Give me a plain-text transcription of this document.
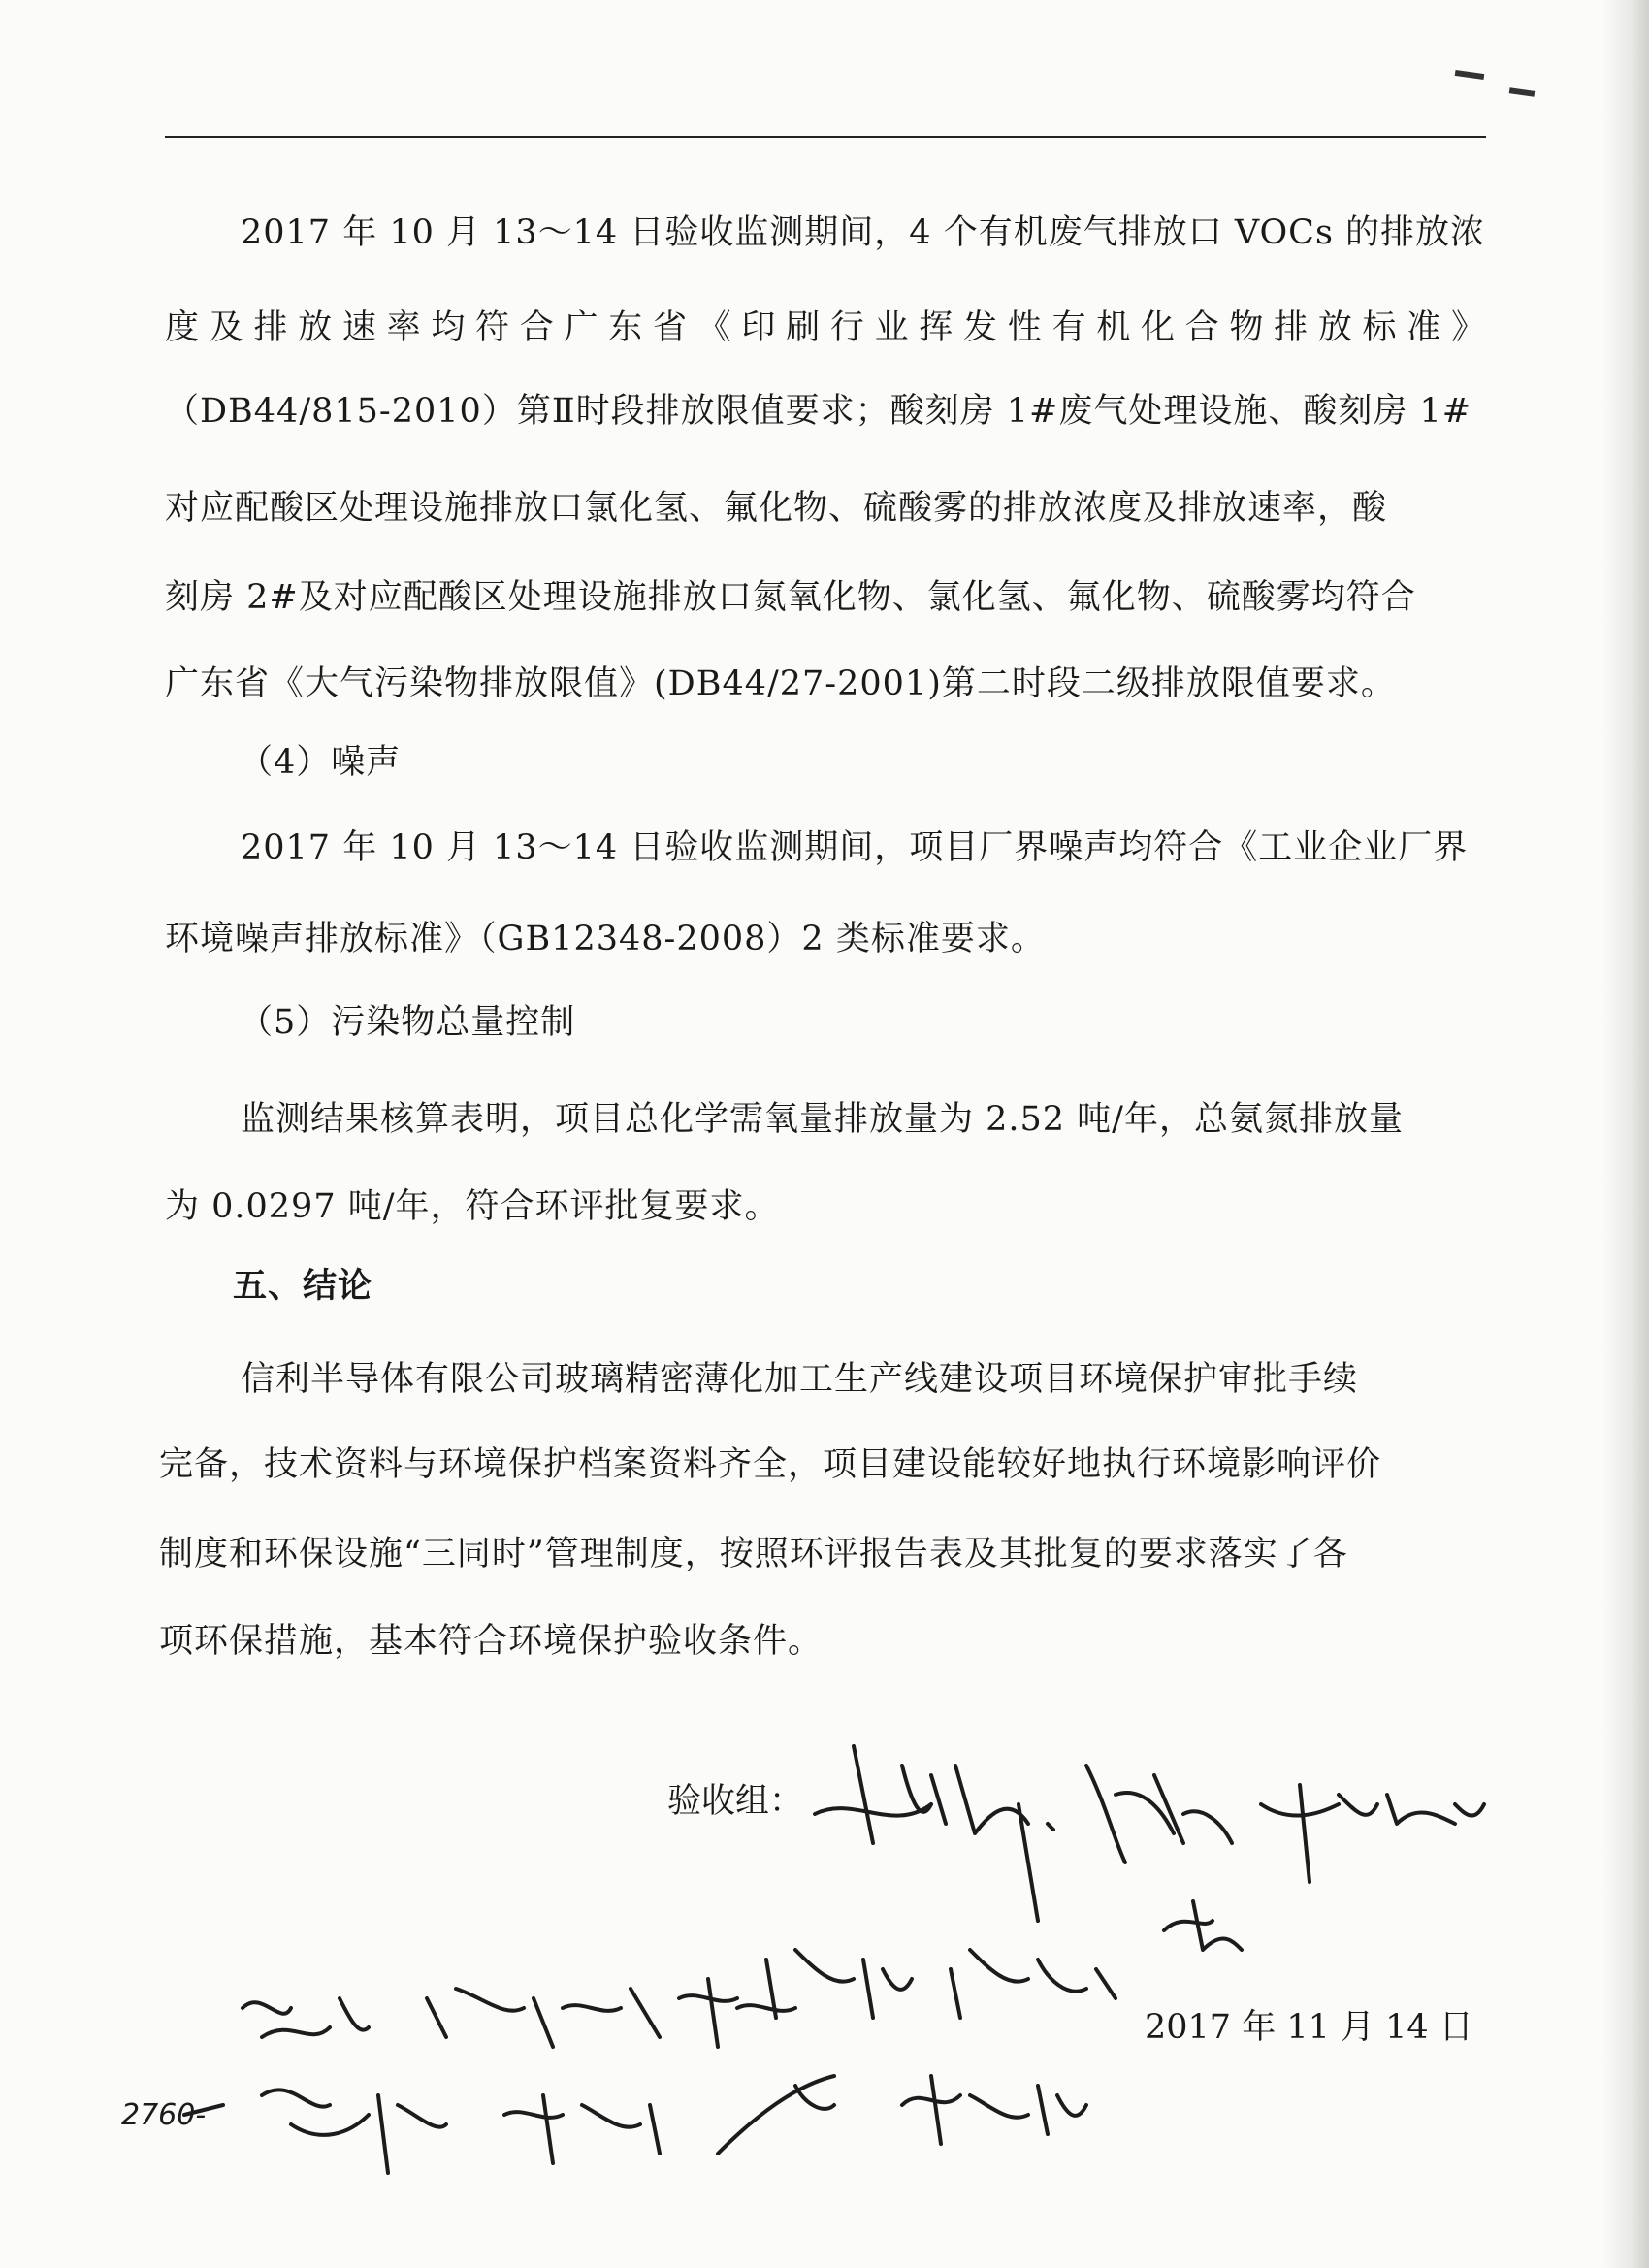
2017 年 10 月 13～14 日验收监测期间，4 个有机废气排放口 VOCs 的排放浓
度及排放速率均符合广东省《印刷行业挥发性有机化合物排放标准》
（DB44/815-2010）第Ⅱ时段排放限值要求；酸刻房 1#废气处理设施、酸刻房 1#
对应配酸区处理设施排放口氯化氢、氟化物、硫酸雾的排放浓度及排放速率，酸
刻房 2#及对应配酸区处理设施排放口氮氧化物、氯化氢、氟化物、硫酸雾均符合
广东省《大气污染物排放限值》(DB44/27-2001)第二时段二级排放限值要求。
（4）噪声
2017 年 10 月 13～14 日验收监测期间，项目厂界噪声均符合《工业企业厂界
环境噪声排放标准》（GB12348-2008）2 类标准要求。
（5）污染物总量控制
监测结果核算表明，项目总化学需氧量排放量为 2.52 吨/年，总氨氮排放量
为 0.0297 吨/年，符合环评批复要求。
五、结论
信利半导体有限公司玻璃精密薄化加工生产线建设项目环境保护审批手续
完备，技术资料与环境保护档案资料齐全，项目建设能较好地执行环境影响评价
制度和环保设施“三同时”管理制度，按照环评报告表及其批复的要求落实了各
项环保措施，基本符合环境保护验收条件。
验收组：
2760-
2017 年 11 月 14 日
